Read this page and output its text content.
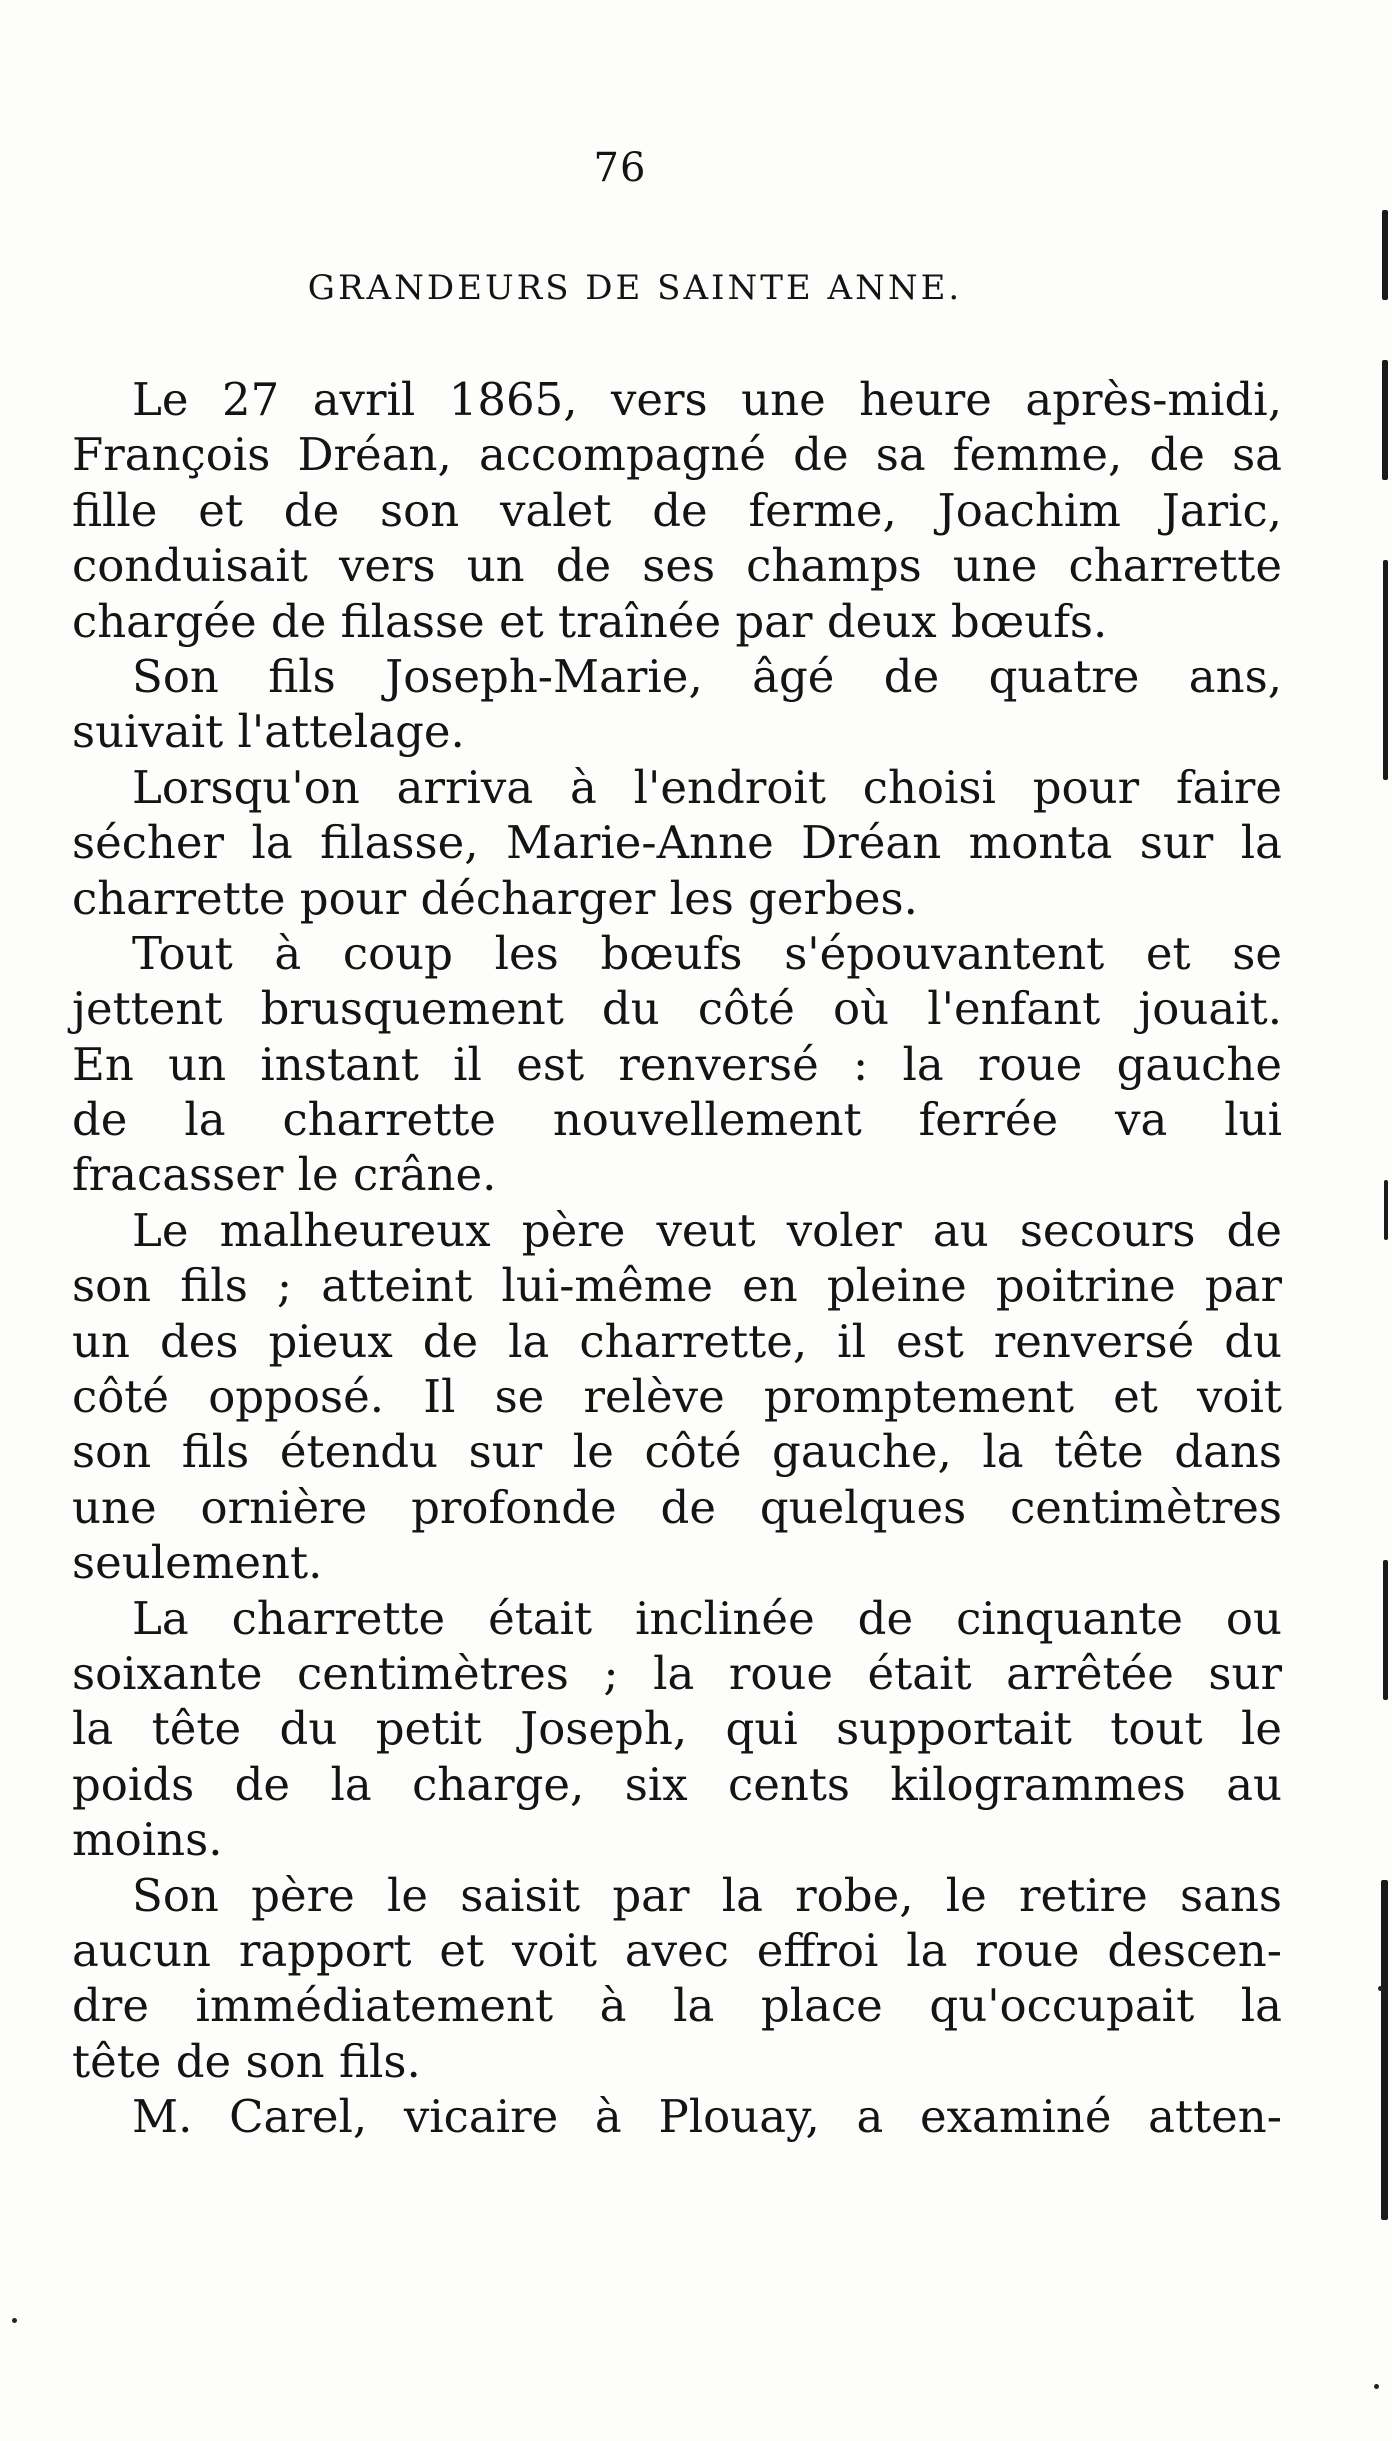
76
GRANDEURS DE SAINTE ANNE.
Le 27 avril 1865, vers une heure après-midi,
François Dréan, accompagné de sa femme, de sa
fille et de son valet de ferme, Joachim Jaric,
conduisait vers un de ses champs une charrette
chargée de filasse et traînée par deux bœufs.
Son fils Joseph-Marie, âgé de quatre ans,
suivait l'attelage.
Lorsqu'on arriva à l'endroit choisi pour faire
sécher la filasse, Marie-Anne Dréan monta sur la
charrette pour décharger les gerbes.
Tout à coup les bœufs s'épouvantent et se
jettent brusquement du côté où l'enfant jouait.
En un instant il est renversé : la roue gauche
de la charrette nouvellement ferrée va lui
fracasser le crâne.
Le malheureux père veut voler au secours de
son fils ; atteint lui-même en pleine poitrine par
un des pieux de la charrette, il est renversé du
côté opposé. Il se relève promptement et voit
son fils étendu sur le côté gauche, la tête dans
une ornière profonde de quelques centimètres
seulement.
La charrette était inclinée de cinquante ou
soixante centimètres ; la roue était arrêtée sur
la tête du petit Joseph, qui supportait tout le
poids de la charge, six cents kilogrammes au
moins.
Son père le saisit par la robe, le retire sans
aucun rapport et voit avec effroi la roue descen-
dre immédiatement à la place qu'occupait la
tête de son fils.
M. Carel, vicaire à Plouay, a examiné atten-
